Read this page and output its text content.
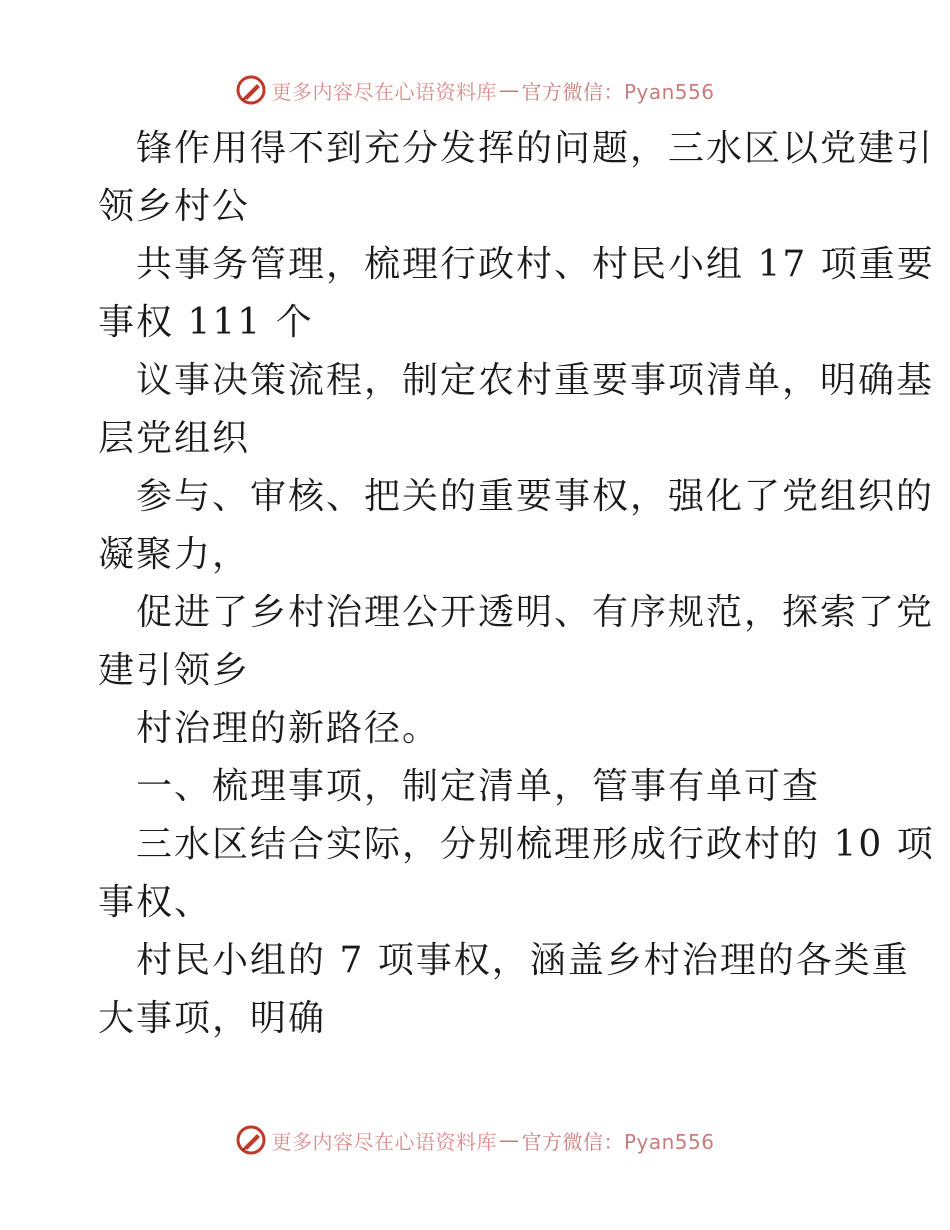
更多内容尽在心语资料库 — 官方微信：Pyan556
锋作用得不到充分发挥的问题，三水区以党建引
领乡村公
共事务管理，梳理行政村、村民小组 17 项重要
事权 111 个
议事决策流程，制定农村重要事项清单，明确基
层党组织
参与、审核、把关的重要事权，强化了党组织的
凝聚力，
促进了乡村治理公开透明、有序规范，探索了党
建引领乡
村治理的新路径。
一、梳理事项，制定清单，管事有单可查
三水区结合实际，分别梳理形成行政村的 10 项
事权、
村民小组的 7 项事权，涵盖乡村治理的各类重
大事项，明确
更多内容尽在心语资料库 — 官方微信：Pyan556
